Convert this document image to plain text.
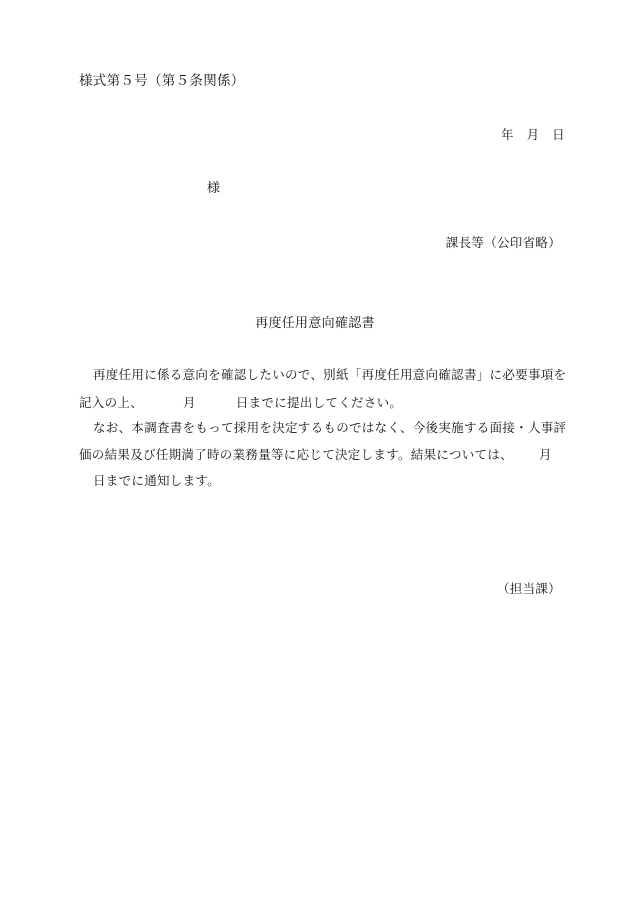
様式第５号（第５条関係）
年　月　日
様
課長等（公印省略）
再度任用意向確認書
再度任用に係る意向を確認したいので、別紙「再度任用意向確認書」に必要事項を
記入の上、	月	日までに提出してください。
なお、本調査書をもって採用を決定するものではなく、今後実施する面接・人事評
価の結果及び任期満了時の業務量等に応じて決定します。結果については、 月
日までに通知します。
（担当課）
